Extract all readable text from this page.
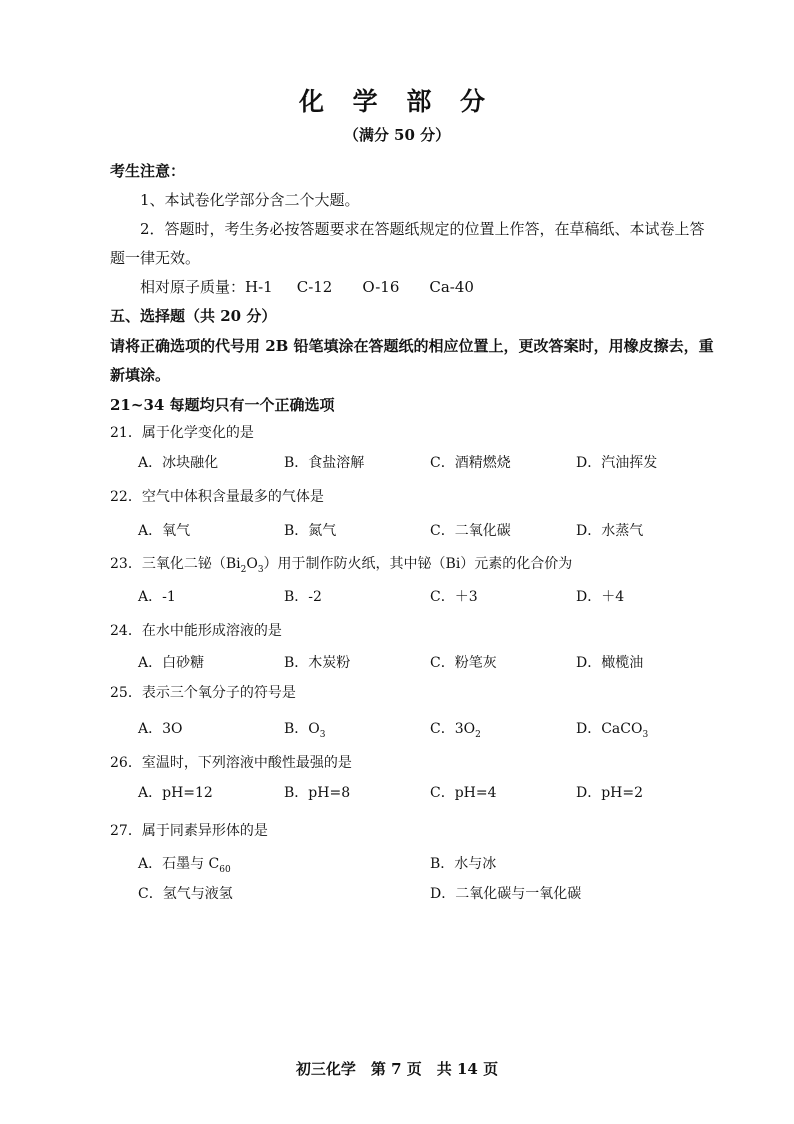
化 学 部 分
（满分 50 分）
考生注意：
1、本试卷化学部分含二个大题。
2．答题时，考生务必按答题要求在答题纸规定的位置上作答，在草稿纸、本试卷上答
题一律无效。
相对原子质量：H-1 C-12 O-16 Ca-40
五、选择题（共 20 分）
请将正确选项的代号用 2B 铅笔填涂在答题纸的相应位置上，更改答案时，用橡皮擦去，重
新填涂。
21~34 每题均只有一个正确选项
21．属于化学变化的是
A．冰块融化	B．食盐溶解	C．酒精燃烧	D．汽油挥发
22．空气中体积含量最多的气体是
A．氧气	B．氮气	C．二氧化碳	D．水蒸气
23．三氧化二铋$(Bi_2O_3)$用于制作防火纸，其中铋（Bi）元素的化合价为
A．-1	B．-2	C．＋3	D．＋4
24．在水中能形成溶液的是
A．白砂糖	B．木炭粉	C．粉笔灰	D．橄榄油
25．表示三个氧分子的符号是
A．3O	B．$O_3$	C．$3O_2$	D．CaCO$_3$
26．室温时，下列溶液中酸性最强的是
A．pH=12	B．pH=8	C．pH=4	D．pH=2
27．属于同素异形体的是
A．石墨与 $C_{60}$	B．水与冰
C．氢气与液氢	D．二氧化碳与一氧化碳
初三化学　第 7 页　共 14 页
